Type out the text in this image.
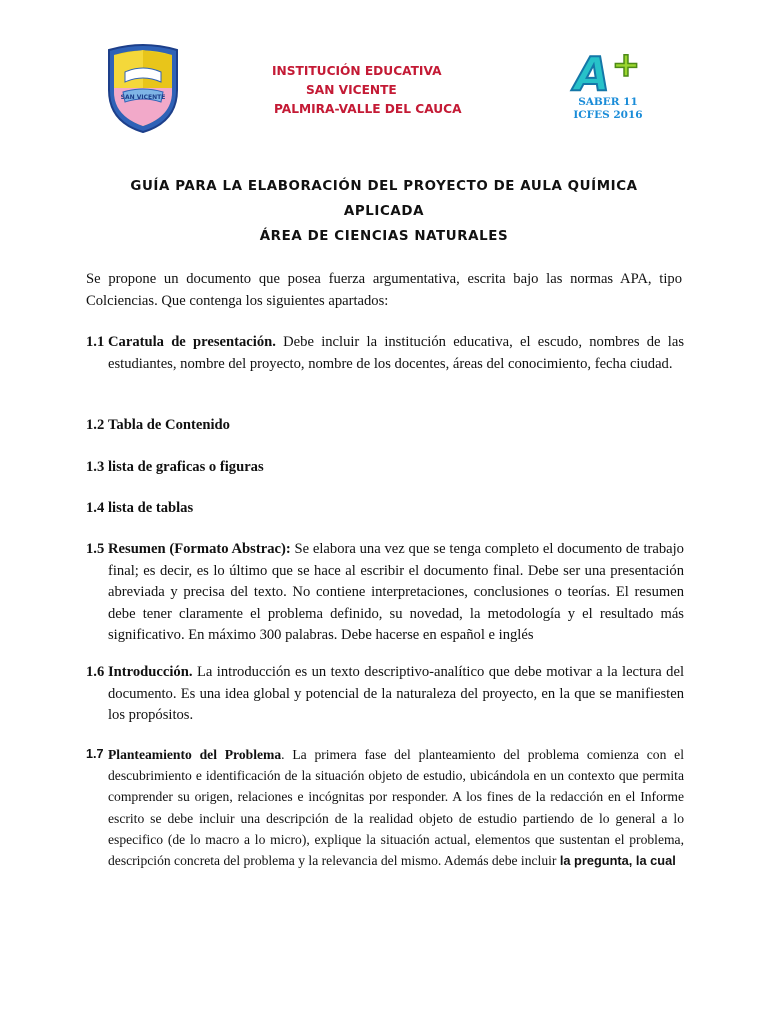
SAN VICENTE
INSTITUCIÓN EDUCATIVA
SAN VICENTE
PALMIRA-VALLE DEL CAUCA
A +
SABER 11
ICFES 2016
GUÍA PARA LA ELABORACIÓN DEL PROYECTO DE AULA QUÍMICA
APLICADA
ÁREA DE CIENCIAS NATURALES
Se propone un documento que posea fuerza argumentativa, escrita bajo las normas APA, tipo Colciencias. Que contenga los siguientes apartados:
1.1 Caratula de presentación. Debe incluir la institución educativa, el escudo, nombres de las estudiantes, nombre del proyecto, nombre de los docentes, áreas del conocimiento, fecha ciudad.
1.2 Tabla de Contenido
1.3 lista de graficas o figuras
1.4 lista de tablas
1.5 Resumen (Formato Abstrac): Se elabora una vez que se tenga completo el documento de trabajo final; es decir, es lo último que se hace al escribir el documento final. Debe ser una presentación abreviada y precisa del texto. No contiene interpretaciones, conclusiones o teorías. El resumen debe tener claramente el problema definido, su novedad, la metodología y el resultado más significativo. En máximo 300 palabras. Debe hacerse en español e inglés
1.6 Introducción. La introducción es un texto descriptivo-analítico que debe motivar a la lectura del documento. Es una idea global y potencial de la naturaleza del proyecto, en la que se manifiesten los propósitos.
1.7 Planteamiento del Problema. La primera fase del planteamiento del problema comienza con el descubrimiento e identificación de la situación objeto de estudio, ubicándola en un contexto que permita comprender su origen, relaciones e incógnitas por responder. A los fines de la redacción en el Informe escrito se debe incluir una descripción de la realidad objeto de estudio partiendo de lo general a lo especifico (de lo macro a lo micro), explique la situación actual, elementos que sustentan el problema, descripción concreta del problema y la relevancia del mismo. Además debe incluir la pregunta, la cual
